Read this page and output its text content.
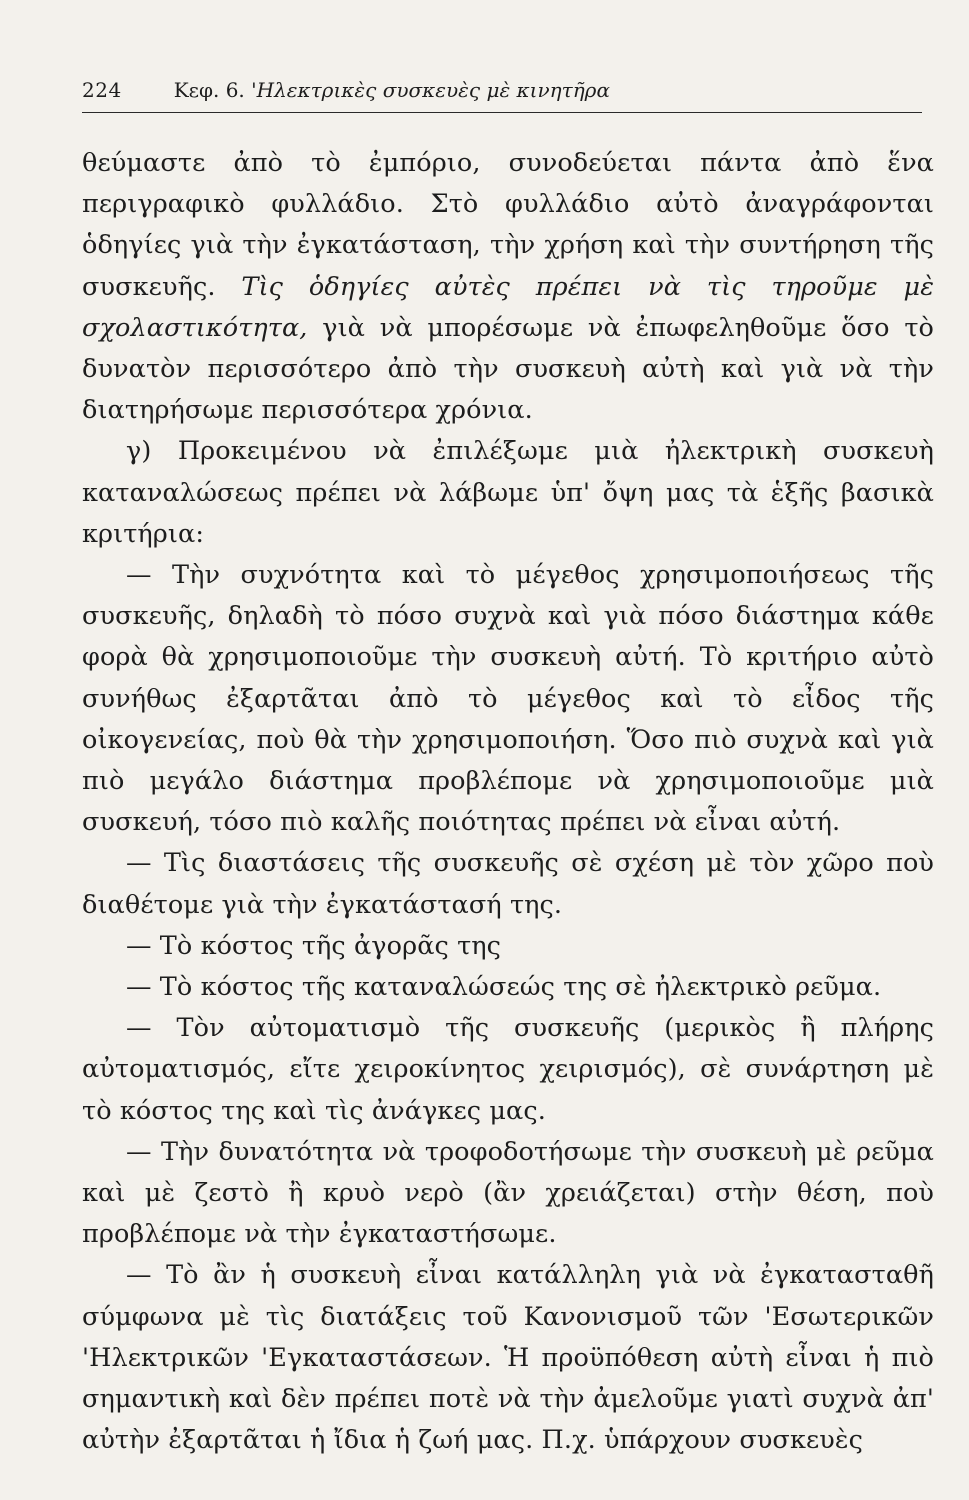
224	Κεφ. 6.
'Ηλεκτρικὲς συσκευὲς μὲ κινητῆρα

θεύμαστε ἀπὸ τὸ ἐμπόριο, συνοδεύεται πάντα ἀπὸ ἕνα περιγραφικὸ φυλλάδιο. Στὸ φυλλάδιο αὐτὸ ἀναγράφονται ὁδηγίες γιὰ τὴν ἐγκατάσταση, τὴν χρήση καὶ τὴν συντήρηση τῆς συσκευῆς. Τὶς ὁδηγίες αὐτὲς πρέπει νὰ τὶς τηροῦμε μὲ σχολαστικότητα, γιὰ νὰ μπορέσωμε νὰ ἐπωφεληθοῦμε ὅσο τὸ δυνατὸν περισσότερο ἀπὸ τὴν συσκευὴ αὐτὴ καὶ γιὰ νὰ τὴν διατηρήσωμε περισσότερα χρόνια.

γ) Προκειμένου νὰ ἐπιλέξωμε μιὰ ἠλεκτρικὴ συσκευὴ καταναλώσεως πρέπει νὰ λάβωμε ὑπ' ὄψη μας τὰ ἑξῆς βασικὰ κριτήρια:

— Τὴν συχνότητα καὶ τὸ μέγεθος χρησιμοποιήσεως τῆς συσκευῆς, δηλαδὴ τὸ πόσο συχνὰ καὶ γιὰ πόσο διάστημα κάθε φορὰ θὰ χρησιμοποιοῦμε τὴν συσκευὴ αὐτή. Τὸ κριτήριο αὐτὸ συνήθως ἐξαρτᾶται ἀπὸ τὸ μέγεθος καὶ τὸ εἶδος τῆς οἰκογενείας, ποὺ θὰ τὴν χρησιμοποιήση. Ὅσο πιὸ συχνὰ καὶ γιὰ πιὸ μεγάλο διάστημα προβλέπομε νὰ χρησιμοποιοῦμε μιὰ συσκευή, τόσο πιὸ καλῆς ποιότητας πρέπει νὰ εἶναι αὐτή.

— Τὶς διαστάσεις τῆς συσκευῆς σὲ σχέση μὲ τὸν χῶρο ποὺ διαθέτομε γιὰ τὴν ἐγκατάστασή της.

— Τὸ κόστος τῆς ἀγορᾶς της

— Τὸ κόστος τῆς καταναλώσεώς της σὲ ἠλεκτρικὸ ρεῦμα.

— Τὸν αὐτοματισμὸ τῆς συσκευῆς (μερικὸς ἢ πλήρης αὐτοματισμός, εἴτε χειροκίνητος χειρισμός), σὲ συνάρτηση μὲ τὸ κόστος της καὶ τὶς ἀνάγκες μας.

— Τὴν δυνατότητα νὰ τροφοδοτήσωμε τὴν συσκευὴ μὲ ρεῦμα καὶ μὲ ζεστὸ ἢ κρυὸ νερὸ (ἂν χρειάζεται) στὴν θέση, ποὺ προβλέπομε νὰ τὴν ἐγκαταστήσωμε.

— Τὸ ἂν ἡ συσκευὴ εἶναι κατάλληλη γιὰ νὰ ἐγκατασταθῆ σύμφωνα μὲ τὶς διατάξεις τοῦ Κανονισμοῦ τῶν 'Εσωτερικῶν 'Ηλεκτρικῶν 'Εγκαταστάσεων. Ἡ προϋπόθεση αὐτὴ εἶναι ἡ πιὸ σημαντικὴ καὶ δὲν πρέπει ποτὲ νὰ τὴν ἀμελοῦμε γιατὶ συχνὰ ἀπ' αὐτὴν ἐξαρτᾶται ἡ ἴδια ἡ ζωή μας. Π.χ. ὑπάρχουν συσκευὲς
